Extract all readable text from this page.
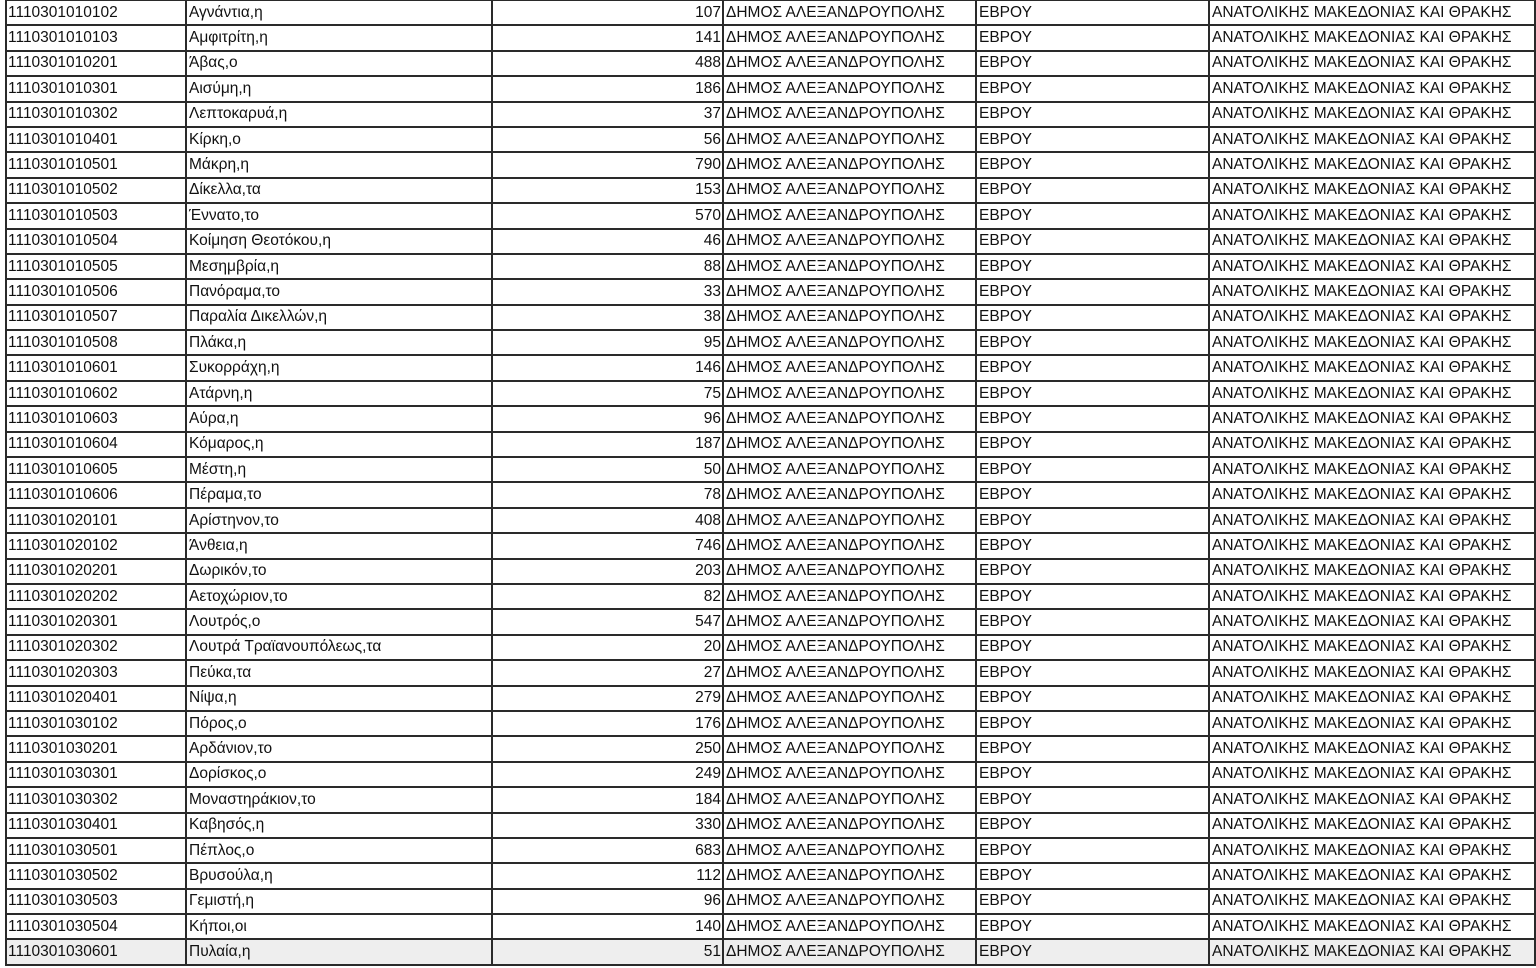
1110301010102	Αγνάντια,η	107	ΔΗΜΟΣ ΑΛΕΞΑΝΔΡΟΥΠΟΛΗΣ	ΕΒΡΟΥ	ΑΝΑΤΟΛΙΚΗΣ ΜΑΚΕΔΟΝΙΑΣ ΚΑΙ ΘΡΑΚΗΣ
1110301010103	Αμφιτρίτη,η	141	ΔΗΜΟΣ ΑΛΕΞΑΝΔΡΟΥΠΟΛΗΣ	ΕΒΡΟΥ	ΑΝΑΤΟΛΙΚΗΣ ΜΑΚΕΔΟΝΙΑΣ ΚΑΙ ΘΡΑΚΗΣ
1110301010201	Άβας,ο	488	ΔΗΜΟΣ ΑΛΕΞΑΝΔΡΟΥΠΟΛΗΣ	ΕΒΡΟΥ	ΑΝΑΤΟΛΙΚΗΣ ΜΑΚΕΔΟΝΙΑΣ ΚΑΙ ΘΡΑΚΗΣ
1110301010301	Αισύμη,η	186	ΔΗΜΟΣ ΑΛΕΞΑΝΔΡΟΥΠΟΛΗΣ	ΕΒΡΟΥ	ΑΝΑΤΟΛΙΚΗΣ ΜΑΚΕΔΟΝΙΑΣ ΚΑΙ ΘΡΑΚΗΣ
1110301010302	Λεπτοκαρυά,η	37	ΔΗΜΟΣ ΑΛΕΞΑΝΔΡΟΥΠΟΛΗΣ	ΕΒΡΟΥ	ΑΝΑΤΟΛΙΚΗΣ ΜΑΚΕΔΟΝΙΑΣ ΚΑΙ ΘΡΑΚΗΣ
1110301010401	Κίρκη,ο	56	ΔΗΜΟΣ ΑΛΕΞΑΝΔΡΟΥΠΟΛΗΣ	ΕΒΡΟΥ	ΑΝΑΤΟΛΙΚΗΣ ΜΑΚΕΔΟΝΙΑΣ ΚΑΙ ΘΡΑΚΗΣ
1110301010501	Μάκρη,η	790	ΔΗΜΟΣ ΑΛΕΞΑΝΔΡΟΥΠΟΛΗΣ	ΕΒΡΟΥ	ΑΝΑΤΟΛΙΚΗΣ ΜΑΚΕΔΟΝΙΑΣ ΚΑΙ ΘΡΑΚΗΣ
1110301010502	Δίκελλα,τα	153	ΔΗΜΟΣ ΑΛΕΞΑΝΔΡΟΥΠΟΛΗΣ	ΕΒΡΟΥ	ΑΝΑΤΟΛΙΚΗΣ ΜΑΚΕΔΟΝΙΑΣ ΚΑΙ ΘΡΑΚΗΣ
1110301010503	Έννατο,το	570	ΔΗΜΟΣ ΑΛΕΞΑΝΔΡΟΥΠΟΛΗΣ	ΕΒΡΟΥ	ΑΝΑΤΟΛΙΚΗΣ ΜΑΚΕΔΟΝΙΑΣ ΚΑΙ ΘΡΑΚΗΣ
1110301010504	Κοίμηση Θεοτόκου,η	46	ΔΗΜΟΣ ΑΛΕΞΑΝΔΡΟΥΠΟΛΗΣ	ΕΒΡΟΥ	ΑΝΑΤΟΛΙΚΗΣ ΜΑΚΕΔΟΝΙΑΣ ΚΑΙ ΘΡΑΚΗΣ
1110301010505	Μεσημβρία,η	88	ΔΗΜΟΣ ΑΛΕΞΑΝΔΡΟΥΠΟΛΗΣ	ΕΒΡΟΥ	ΑΝΑΤΟΛΙΚΗΣ ΜΑΚΕΔΟΝΙΑΣ ΚΑΙ ΘΡΑΚΗΣ
1110301010506	Πανόραμα,το	33	ΔΗΜΟΣ ΑΛΕΞΑΝΔΡΟΥΠΟΛΗΣ	ΕΒΡΟΥ	ΑΝΑΤΟΛΙΚΗΣ ΜΑΚΕΔΟΝΙΑΣ ΚΑΙ ΘΡΑΚΗΣ
1110301010507	Παραλία Δικελλών,η	38	ΔΗΜΟΣ ΑΛΕΞΑΝΔΡΟΥΠΟΛΗΣ	ΕΒΡΟΥ	ΑΝΑΤΟΛΙΚΗΣ ΜΑΚΕΔΟΝΙΑΣ ΚΑΙ ΘΡΑΚΗΣ
1110301010508	Πλάκα,η	95	ΔΗΜΟΣ ΑΛΕΞΑΝΔΡΟΥΠΟΛΗΣ	ΕΒΡΟΥ	ΑΝΑΤΟΛΙΚΗΣ ΜΑΚΕΔΟΝΙΑΣ ΚΑΙ ΘΡΑΚΗΣ
1110301010601	Συκορράχη,η	146	ΔΗΜΟΣ ΑΛΕΞΑΝΔΡΟΥΠΟΛΗΣ	ΕΒΡΟΥ	ΑΝΑΤΟΛΙΚΗΣ ΜΑΚΕΔΟΝΙΑΣ ΚΑΙ ΘΡΑΚΗΣ
1110301010602	Ατάρνη,η	75	ΔΗΜΟΣ ΑΛΕΞΑΝΔΡΟΥΠΟΛΗΣ	ΕΒΡΟΥ	ΑΝΑΤΟΛΙΚΗΣ ΜΑΚΕΔΟΝΙΑΣ ΚΑΙ ΘΡΑΚΗΣ
1110301010603	Αύρα,η	96	ΔΗΜΟΣ ΑΛΕΞΑΝΔΡΟΥΠΟΛΗΣ	ΕΒΡΟΥ	ΑΝΑΤΟΛΙΚΗΣ ΜΑΚΕΔΟΝΙΑΣ ΚΑΙ ΘΡΑΚΗΣ
1110301010604	Κόμαρος,η	187	ΔΗΜΟΣ ΑΛΕΞΑΝΔΡΟΥΠΟΛΗΣ	ΕΒΡΟΥ	ΑΝΑΤΟΛΙΚΗΣ ΜΑΚΕΔΟΝΙΑΣ ΚΑΙ ΘΡΑΚΗΣ
1110301010605	Μέστη,η	50	ΔΗΜΟΣ ΑΛΕΞΑΝΔΡΟΥΠΟΛΗΣ	ΕΒΡΟΥ	ΑΝΑΤΟΛΙΚΗΣ ΜΑΚΕΔΟΝΙΑΣ ΚΑΙ ΘΡΑΚΗΣ
1110301010606	Πέραμα,το	78	ΔΗΜΟΣ ΑΛΕΞΑΝΔΡΟΥΠΟΛΗΣ	ΕΒΡΟΥ	ΑΝΑΤΟΛΙΚΗΣ ΜΑΚΕΔΟΝΙΑΣ ΚΑΙ ΘΡΑΚΗΣ
1110301020101	Αρίστηνον,το	408	ΔΗΜΟΣ ΑΛΕΞΑΝΔΡΟΥΠΟΛΗΣ	ΕΒΡΟΥ	ΑΝΑΤΟΛΙΚΗΣ ΜΑΚΕΔΟΝΙΑΣ ΚΑΙ ΘΡΑΚΗΣ
1110301020102	Άνθεια,η	746	ΔΗΜΟΣ ΑΛΕΞΑΝΔΡΟΥΠΟΛΗΣ	ΕΒΡΟΥ	ΑΝΑΤΟΛΙΚΗΣ ΜΑΚΕΔΟΝΙΑΣ ΚΑΙ ΘΡΑΚΗΣ
1110301020201	Δωρικόν,το	203	ΔΗΜΟΣ ΑΛΕΞΑΝΔΡΟΥΠΟΛΗΣ	ΕΒΡΟΥ	ΑΝΑΤΟΛΙΚΗΣ ΜΑΚΕΔΟΝΙΑΣ ΚΑΙ ΘΡΑΚΗΣ
1110301020202	Αετοχώριον,το	82	ΔΗΜΟΣ ΑΛΕΞΑΝΔΡΟΥΠΟΛΗΣ	ΕΒΡΟΥ	ΑΝΑΤΟΛΙΚΗΣ ΜΑΚΕΔΟΝΙΑΣ ΚΑΙ ΘΡΑΚΗΣ
1110301020301	Λουτρός,ο	547	ΔΗΜΟΣ ΑΛΕΞΑΝΔΡΟΥΠΟΛΗΣ	ΕΒΡΟΥ	ΑΝΑΤΟΛΙΚΗΣ ΜΑΚΕΔΟΝΙΑΣ ΚΑΙ ΘΡΑΚΗΣ
1110301020302	Λουτρά Τραϊανουπόλεως,τα	20	ΔΗΜΟΣ ΑΛΕΞΑΝΔΡΟΥΠΟΛΗΣ	ΕΒΡΟΥ	ΑΝΑΤΟΛΙΚΗΣ ΜΑΚΕΔΟΝΙΑΣ ΚΑΙ ΘΡΑΚΗΣ
1110301020303	Πεύκα,τα	27	ΔΗΜΟΣ ΑΛΕΞΑΝΔΡΟΥΠΟΛΗΣ	ΕΒΡΟΥ	ΑΝΑΤΟΛΙΚΗΣ ΜΑΚΕΔΟΝΙΑΣ ΚΑΙ ΘΡΑΚΗΣ
1110301020401	Νίψα,η	279	ΔΗΜΟΣ ΑΛΕΞΑΝΔΡΟΥΠΟΛΗΣ	ΕΒΡΟΥ	ΑΝΑΤΟΛΙΚΗΣ ΜΑΚΕΔΟΝΙΑΣ ΚΑΙ ΘΡΑΚΗΣ
1110301030102	Πόρος,ο	176	ΔΗΜΟΣ ΑΛΕΞΑΝΔΡΟΥΠΟΛΗΣ	ΕΒΡΟΥ	ΑΝΑΤΟΛΙΚΗΣ ΜΑΚΕΔΟΝΙΑΣ ΚΑΙ ΘΡΑΚΗΣ
1110301030201	Αρδάνιον,το	250	ΔΗΜΟΣ ΑΛΕΞΑΝΔΡΟΥΠΟΛΗΣ	ΕΒΡΟΥ	ΑΝΑΤΟΛΙΚΗΣ ΜΑΚΕΔΟΝΙΑΣ ΚΑΙ ΘΡΑΚΗΣ
1110301030301	Δορίσκος,ο	249	ΔΗΜΟΣ ΑΛΕΞΑΝΔΡΟΥΠΟΛΗΣ	ΕΒΡΟΥ	ΑΝΑΤΟΛΙΚΗΣ ΜΑΚΕΔΟΝΙΑΣ ΚΑΙ ΘΡΑΚΗΣ
1110301030302	Μοναστηράκιον,το	184	ΔΗΜΟΣ ΑΛΕΞΑΝΔΡΟΥΠΟΛΗΣ	ΕΒΡΟΥ	ΑΝΑΤΟΛΙΚΗΣ ΜΑΚΕΔΟΝΙΑΣ ΚΑΙ ΘΡΑΚΗΣ
1110301030401	Καβησός,η	330	ΔΗΜΟΣ ΑΛΕΞΑΝΔΡΟΥΠΟΛΗΣ	ΕΒΡΟΥ	ΑΝΑΤΟΛΙΚΗΣ ΜΑΚΕΔΟΝΙΑΣ ΚΑΙ ΘΡΑΚΗΣ
1110301030501	Πέπλος,ο	683	ΔΗΜΟΣ ΑΛΕΞΑΝΔΡΟΥΠΟΛΗΣ	ΕΒΡΟΥ	ΑΝΑΤΟΛΙΚΗΣ ΜΑΚΕΔΟΝΙΑΣ ΚΑΙ ΘΡΑΚΗΣ
1110301030502	Βρυσούλα,η	112	ΔΗΜΟΣ ΑΛΕΞΑΝΔΡΟΥΠΟΛΗΣ	ΕΒΡΟΥ	ΑΝΑΤΟΛΙΚΗΣ ΜΑΚΕΔΟΝΙΑΣ ΚΑΙ ΘΡΑΚΗΣ
1110301030503	Γεμιστή,η	96	ΔΗΜΟΣ ΑΛΕΞΑΝΔΡΟΥΠΟΛΗΣ	ΕΒΡΟΥ	ΑΝΑΤΟΛΙΚΗΣ ΜΑΚΕΔΟΝΙΑΣ ΚΑΙ ΘΡΑΚΗΣ
1110301030504	Κήποι,οι	140	ΔΗΜΟΣ ΑΛΕΞΑΝΔΡΟΥΠΟΛΗΣ	ΕΒΡΟΥ	ΑΝΑΤΟΛΙΚΗΣ ΜΑΚΕΔΟΝΙΑΣ ΚΑΙ ΘΡΑΚΗΣ
1110301030601	Πυλαία,η	51	ΔΗΜΟΣ ΑΛΕΞΑΝΔΡΟΥΠΟΛΗΣ	ΕΒΡΟΥ	ΑΝΑΤΟΛΙΚΗΣ ΜΑΚΕΔΟΝΙΑΣ ΚΑΙ ΘΡΑΚΗΣ
